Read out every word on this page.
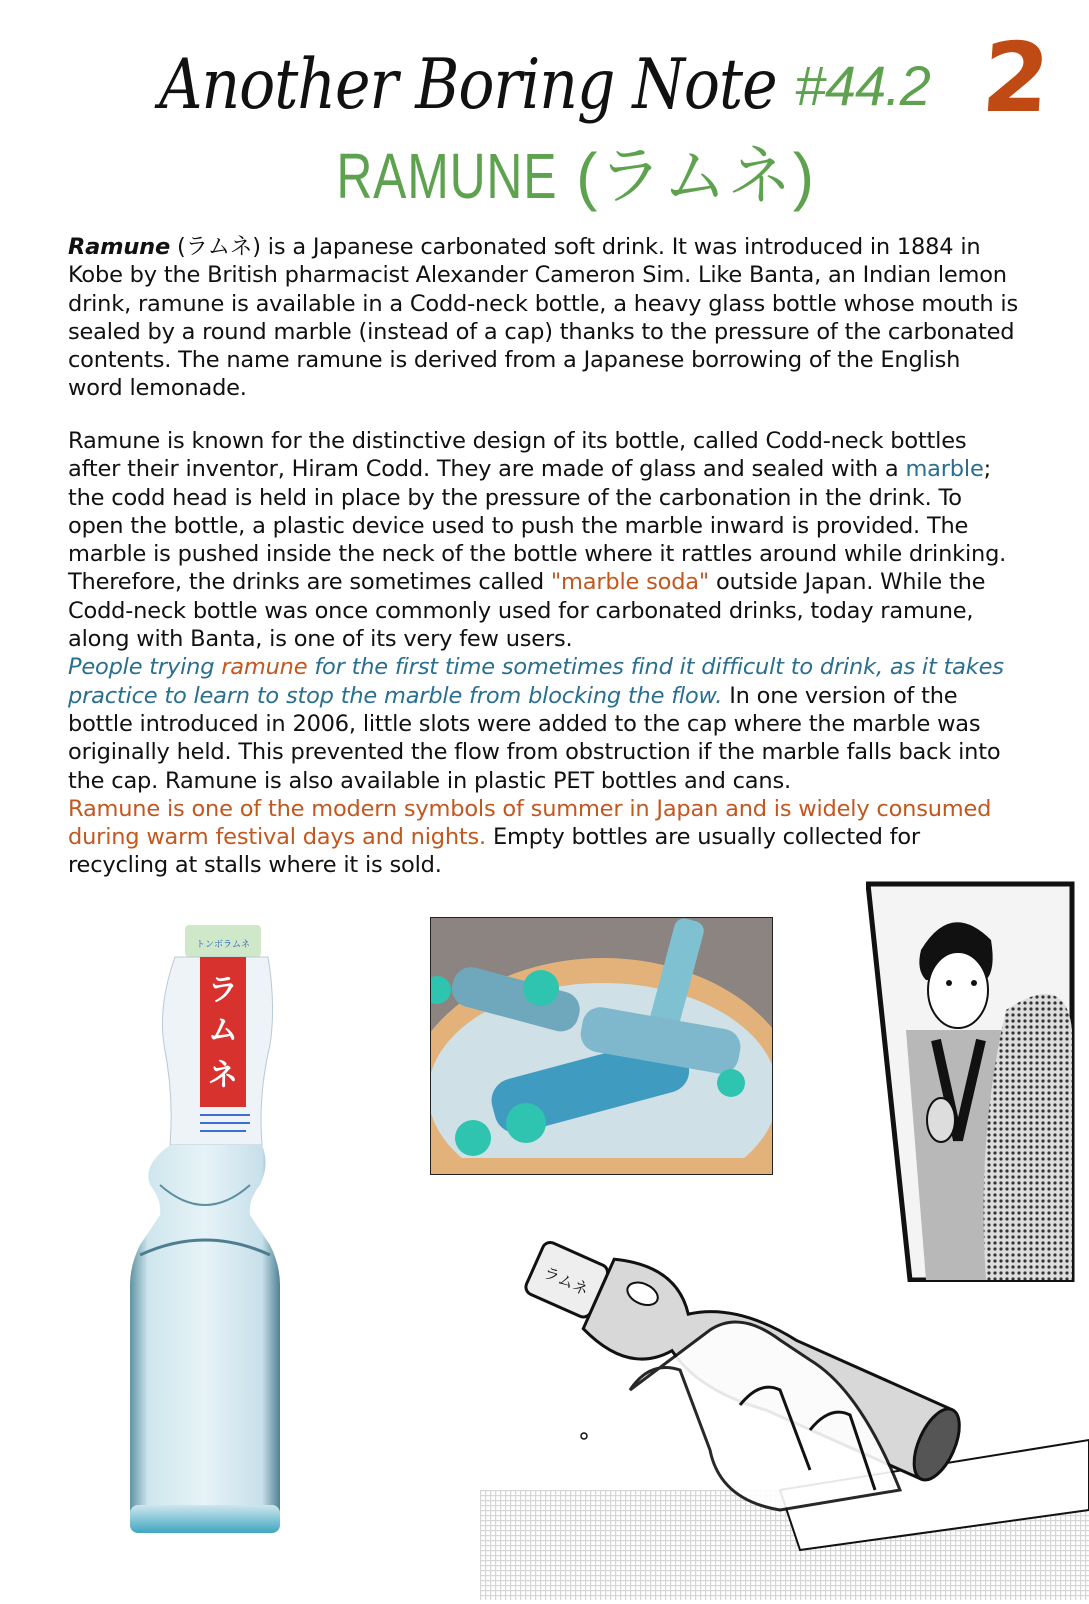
2
Another Boring Note #44.2
RAMUNE (ラムネ)
Ramune (ラムネ) is a Japanese carbonated soft drink. It was introduced in 1884 in Kobe by the British pharmacist Alexander Cameron Sim. Like Banta, an Indian lemon drink, ramune is available in a Codd-neck bottle, a heavy glass bottle whose mouth is sealed by a round marble (instead of a cap) thanks to the pressure of the carbonated contents. The name ramune is derived from a Japanese borrowing of the English word lemonade.
Ramune is known for the distinctive design of its bottle, called Codd-neck bottles after their inventor, Hiram Codd. They are made of glass and sealed with a marble; the codd head is held in place by the pressure of the carbonation in the drink. To open the bottle, a plastic device used to push the marble inward is provided. The marble is pushed inside the neck of the bottle where it rattles around while drinking. Therefore, the drinks are sometimes called "marble soda" outside Japan. While the Codd-neck bottle was once commonly used for carbonated drinks, today ramune, along with Banta, is one of its very few users.
People trying ramune for the first time sometimes find it difficult to drink, as it takes practice to learn to stop the marble from blocking the flow. In one version of the bottle introduced in 2006, little slots were added to the cap where the marble was originally held. This prevented the flow from obstruction if the marble falls back into the cap. Ramune is also available in plastic PET bottles and cans.
Ramune is one of the modern symbols of summer in Japan and is widely consumed during warm festival days and nights. Empty bottles are usually collected for recycling at stalls where it is sold.
トンボラムネ
ラ
ム
ネ
ラムネ
